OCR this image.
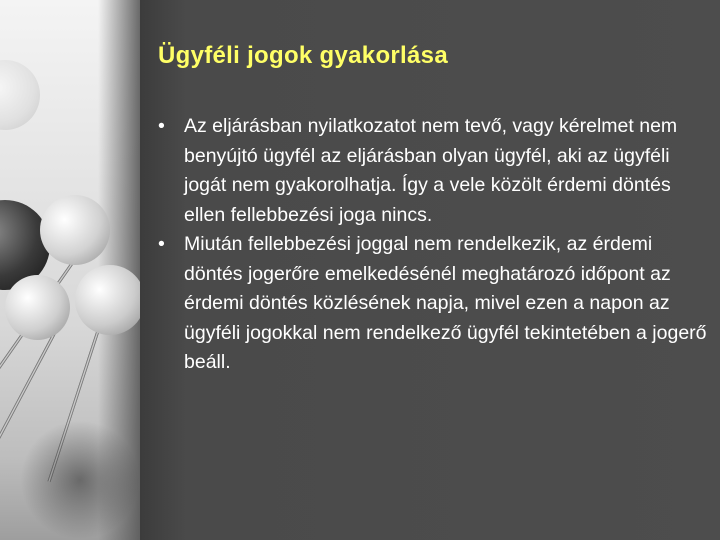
Ügyféli jogok gyakorlása
• Az eljárásban nyilatkozatot nem tevő, vagy kérelmet nem benyújtó ügyfél az eljárásban olyan ügyfél, aki az ügyféli jogát nem gyakorolhatja. Így a vele közölt érdemi döntés ellen fellebbezési joga nincs.
• Miután fellebbezési joggal nem rendelkezik, az érdemi döntés jogerőre emelkedésénél meghatározó időpont az érdemi döntés közlésének napja, mivel ezen a napon az ügyféli jogokkal nem rendelkező ügyfél tekintetében a jogerő beáll.
